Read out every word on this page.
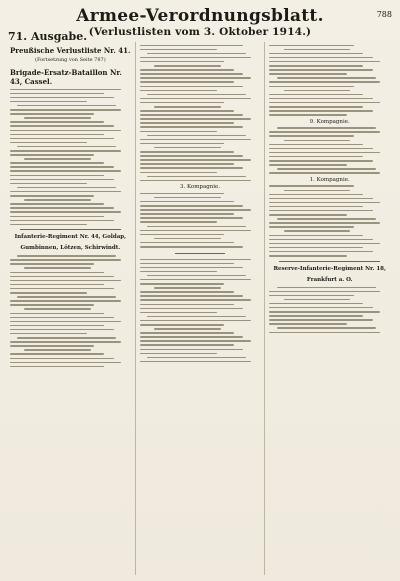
Armee-Verordnungsblatt.
(Verlustlisten vom 3. Oktober 1914.)
71. Ausgabe.
788
Preußische Verlustliste Nr. 41.
(Fortsetzung von Seite 787)
Brigade-Ersatz-Bataillon Nr. 43, Cassel.
Infanterie-Regiment Nr. 44, Goldap,
Gumbinnen, Lötzen, Schirwindt.
3. Kompagnie.
9. Kompagnie.
1. Kompagnie.
Reserve-Infanterie-Regiment Nr. 18,
Frankfurt a. O.
